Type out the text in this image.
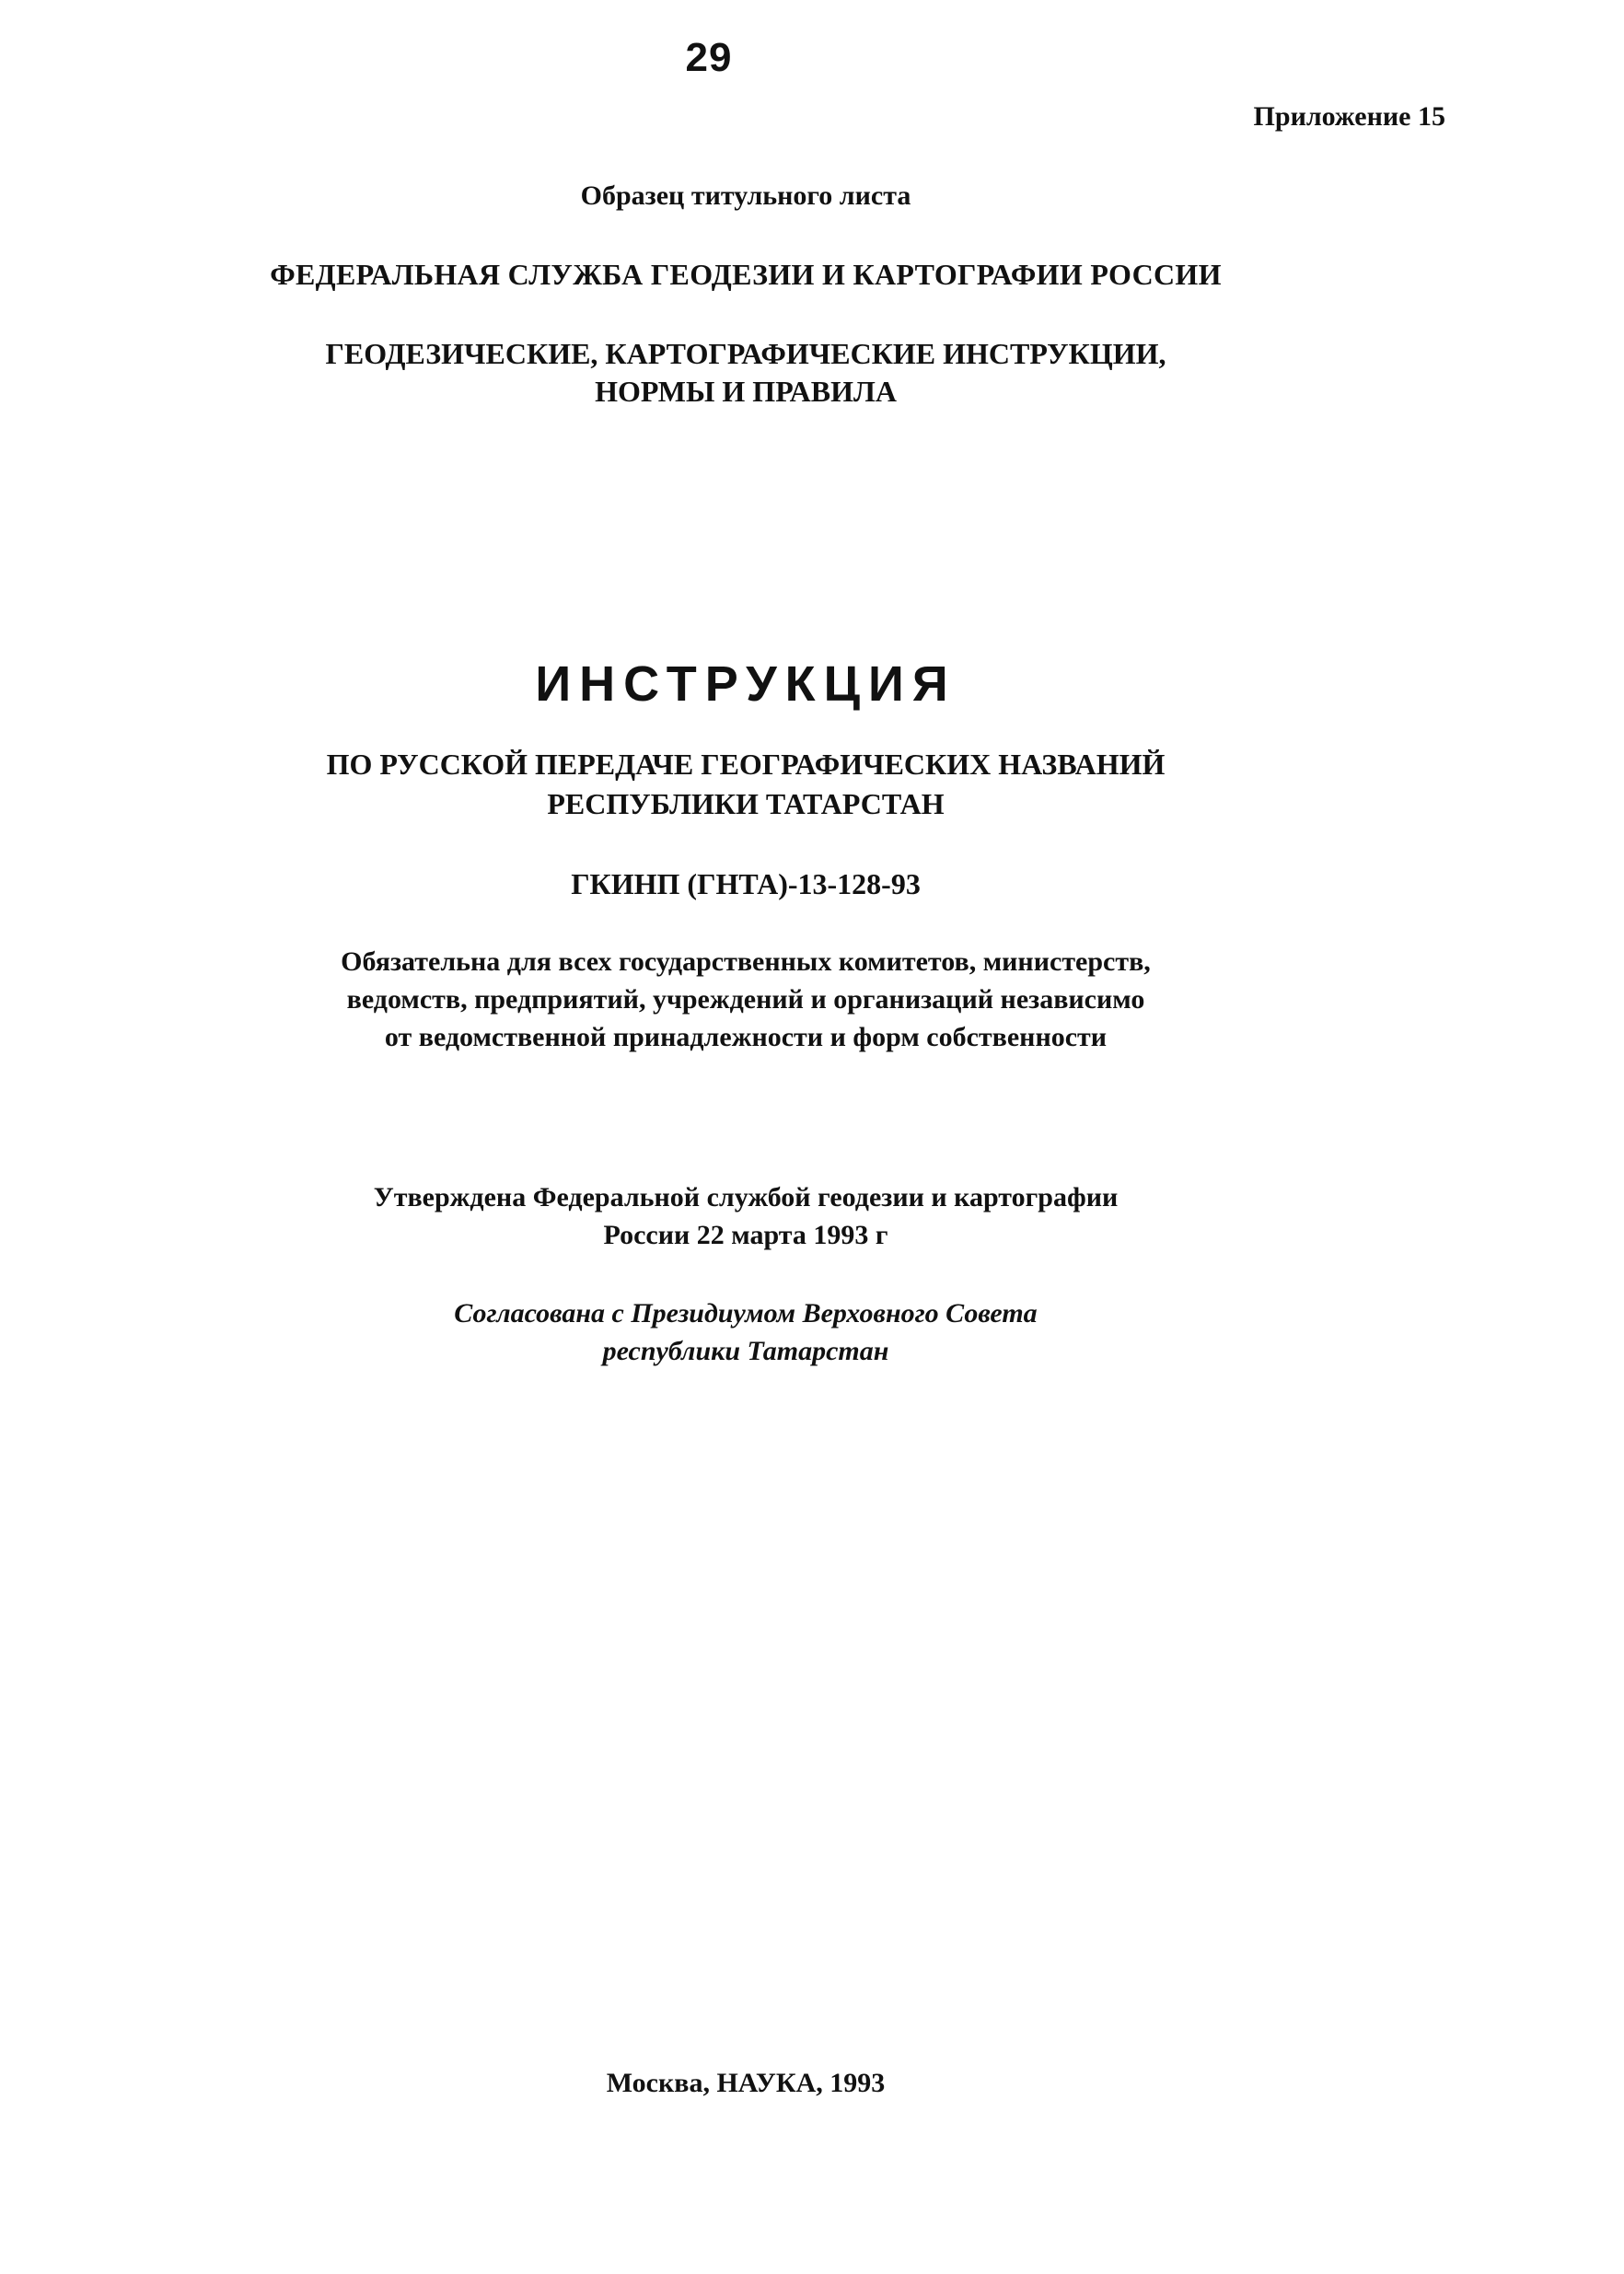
29
Приложение 15
Образец титульного листа
ФЕДЕРАЛЬНАЯ СЛУЖБА ГЕОДЕЗИИ И КАРТОГРАФИИ РОССИИ
ГЕОДЕЗИЧЕСКИЕ, КАРТОГРАФИЧЕСКИЕ ИНСТРУКЦИИ,
НОРМЫ И ПРАВИЛА
ИНСТРУКЦИЯ
ПО РУССКОЙ ПЕРЕДАЧЕ ГЕОГРАФИЧЕСКИХ НАЗВАНИЙ
РЕСПУБЛИКИ ТАТАРСТАН
ГКИНП (ГНТА)-13-128-93
Обязательна для всех государственных комитетов, министерств,
ведомств, предприятий, учреждений и организаций независимо
от ведомственной принадлежности и форм собственности
Утверждена Федеральной службой геодезии и картографии
России 22 марта 1993 г
Согласована с Президиумом Верховного Совета
республики Татарстан
Москва, НАУКА, 1993
